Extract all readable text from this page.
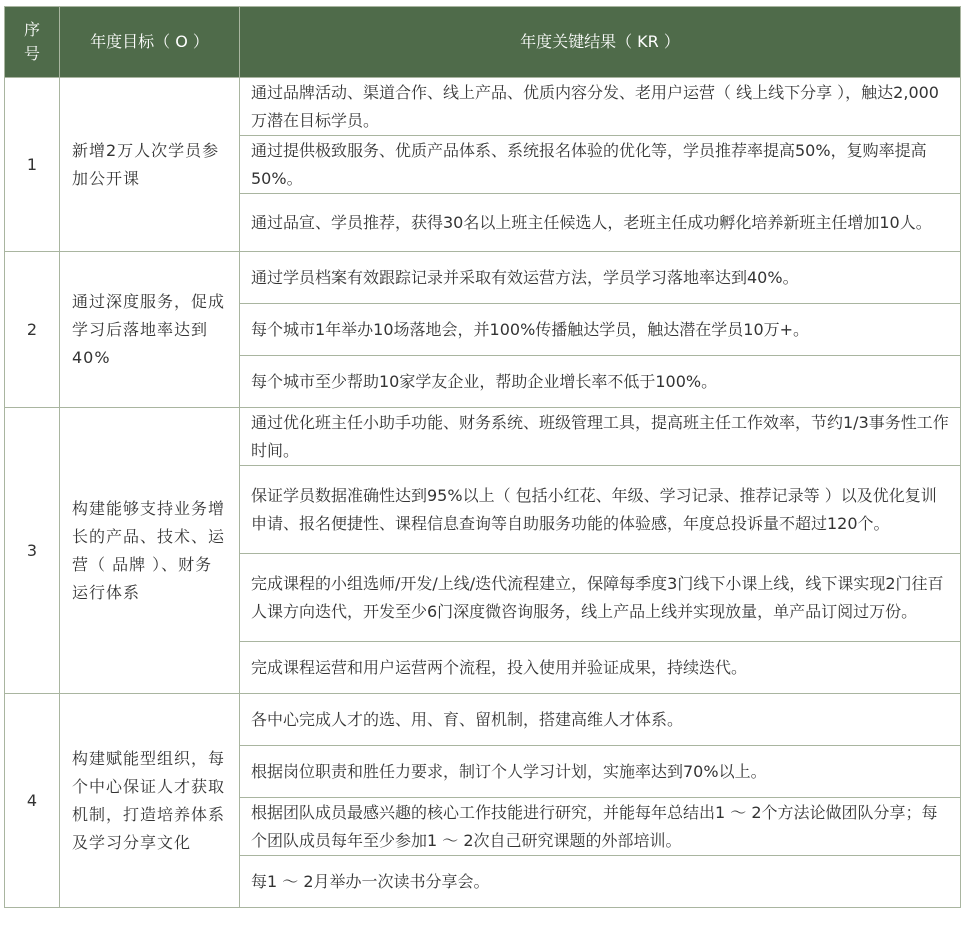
序
号	年度目标（ O ）	年度关键结果（ KR ）
1	新增2万人次学员参加公开课	通过品牌活动、渠道合作、线上产品、优质内容分发、老用户运营（ 线上线下分享 ），触达2,000万潜在目标学员。
		通过提供极致服务、优质产品体系、系统报名体验的优化等，学员推荐率提高50%，复购率提高50%。
		通过品宣、学员推荐，获得30名以上班主任候选人，老班主任成功孵化培养新班主任增加10人。
2	通过深度服务，促成学习后落地率达到40%	通过学员档案有效跟踪记录并采取有效运营方法，学员学习落地率达到40%。
		每个城市1年举办10场落地会，并100%传播触达学员，触达潜在学员10万+。
		每个城市至少帮助10家学友企业，帮助企业增长率不低于100%。
3	构建能够支持业务增长的产品、技术、运营（ 品牌 ）、财务运行体系	通过优化班主任小助手功能、财务系统、班级管理工具，提高班主任工作效率，节约1/3事务性工作时间。
		保证学员数据准确性达到95%以上（ 包括小红花、年级、学习记录、推荐记录等 ）以及优化复训申请、报名便捷性、课程信息查询等自助服务功能的体验感，年度总投诉量不超过120个。
		完成课程的小组选师/开发/上线/迭代流程建立，保障每季度3门线下小课上线，线下课实现2门往百人课方向迭代，开发至少6门深度微咨询服务，线上产品上线并实现放量，单产品订阅过万份。
		完成课程运营和用户运营两个流程，投入使用并验证成果，持续迭代。
4	构建赋能型组织，每个中心保证人才获取机制，打造培养体系及学习分享文化	各中心完成人才的选、用、育、留机制，搭建高维人才体系。
		根据岗位职责和胜任力要求，制订个人学习计划，实施率达到70%以上。
		根据团队成员最感兴趣的核心工作技能进行研究，并能每年总结出1 ～ 2个方法论做团队分享；每个团队成员每年至少参加1 ～ 2次自己研究课题的外部培训。
		每1 ～ 2月举办一次读书分享会。
